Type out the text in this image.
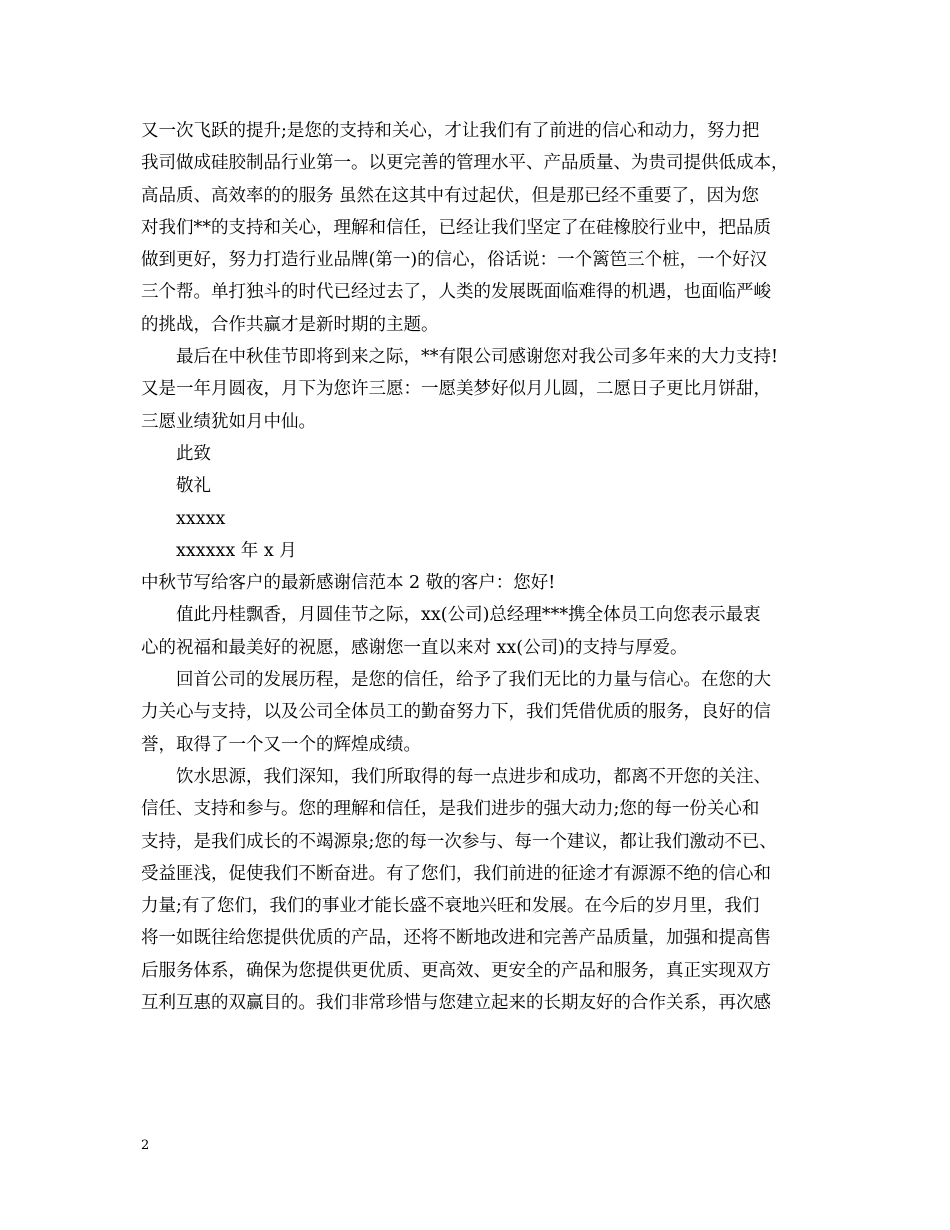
又一次飞跃的提升;是您的支持和关心，才让我们有了前进的信心和动力，努力把

我司做成硅胶制品行业第一。以更完善的管理水平、产品质量、为贵司提供低成本，

高品质、高效率的的服务 虽然在这其中有过起伏，但是那已经不重要了，因为您

对我们**的支持和关心，理解和信任，已经让我们坚定了在硅橡胶行业中，把品质

做到更好，努力打造行业品牌(第一)的信心，俗话说：一个篱笆三个桩，一个好汉

三个帮。单打独斗的时代已经过去了，人类的发展既面临难得的机遇，也面临严峻

的挑战，合作共赢才是新时期的主题。

最后在中秋佳节即将到来之际，**有限公司感谢您对我公司多年来的大力支持!

又是一年月圆夜，月下为您许三愿：一愿美梦好似月儿圆，二愿日子更比月饼甜，

三愿业绩犹如月中仙。

此致

敬礼

xxxxx

xxxxxx 年 x 月

中秋节写给客户的最新感谢信范本 2 敬的客户：您好!

值此丹桂飘香，月圆佳节之际，xx(公司)总经理***携全体员工向您表示最衷

心的祝福和最美好的祝愿，感谢您一直以来对 xx(公司)的支持与厚爱。

回首公司的发展历程，是您的信任，给予了我们无比的力量与信心。在您的大

力关心与支持，以及公司全体员工的勤奋努力下，我们凭借优质的服务，良好的信

誉，取得了一个又一个的辉煌成绩。

饮水思源，我们深知，我们所取得的每一点进步和成功，都离不开您的关注、

信任、支持和参与。您的理解和信任，是我们进步的强大动力;您的每一份关心和

支持，是我们成长的不竭源泉;您的每一次参与、每一个建议，都让我们激动不已、

受益匪浅，促使我们不断奋进。有了您们，我们前进的征途才有源源不绝的信心和

力量;有了您们，我们的事业才能长盛不衰地兴旺和发展。在今后的岁月里，我们

将一如既往给您提供优质的产品，还将不断地改进和完善产品质量，加强和提高售

后服务体系，确保为您提供更优质、更高效、更安全的产品和服务，真正实现双方

互利互惠的双赢目的。我们非常珍惜与您建立起来的长期友好的合作关系，再次感

2
